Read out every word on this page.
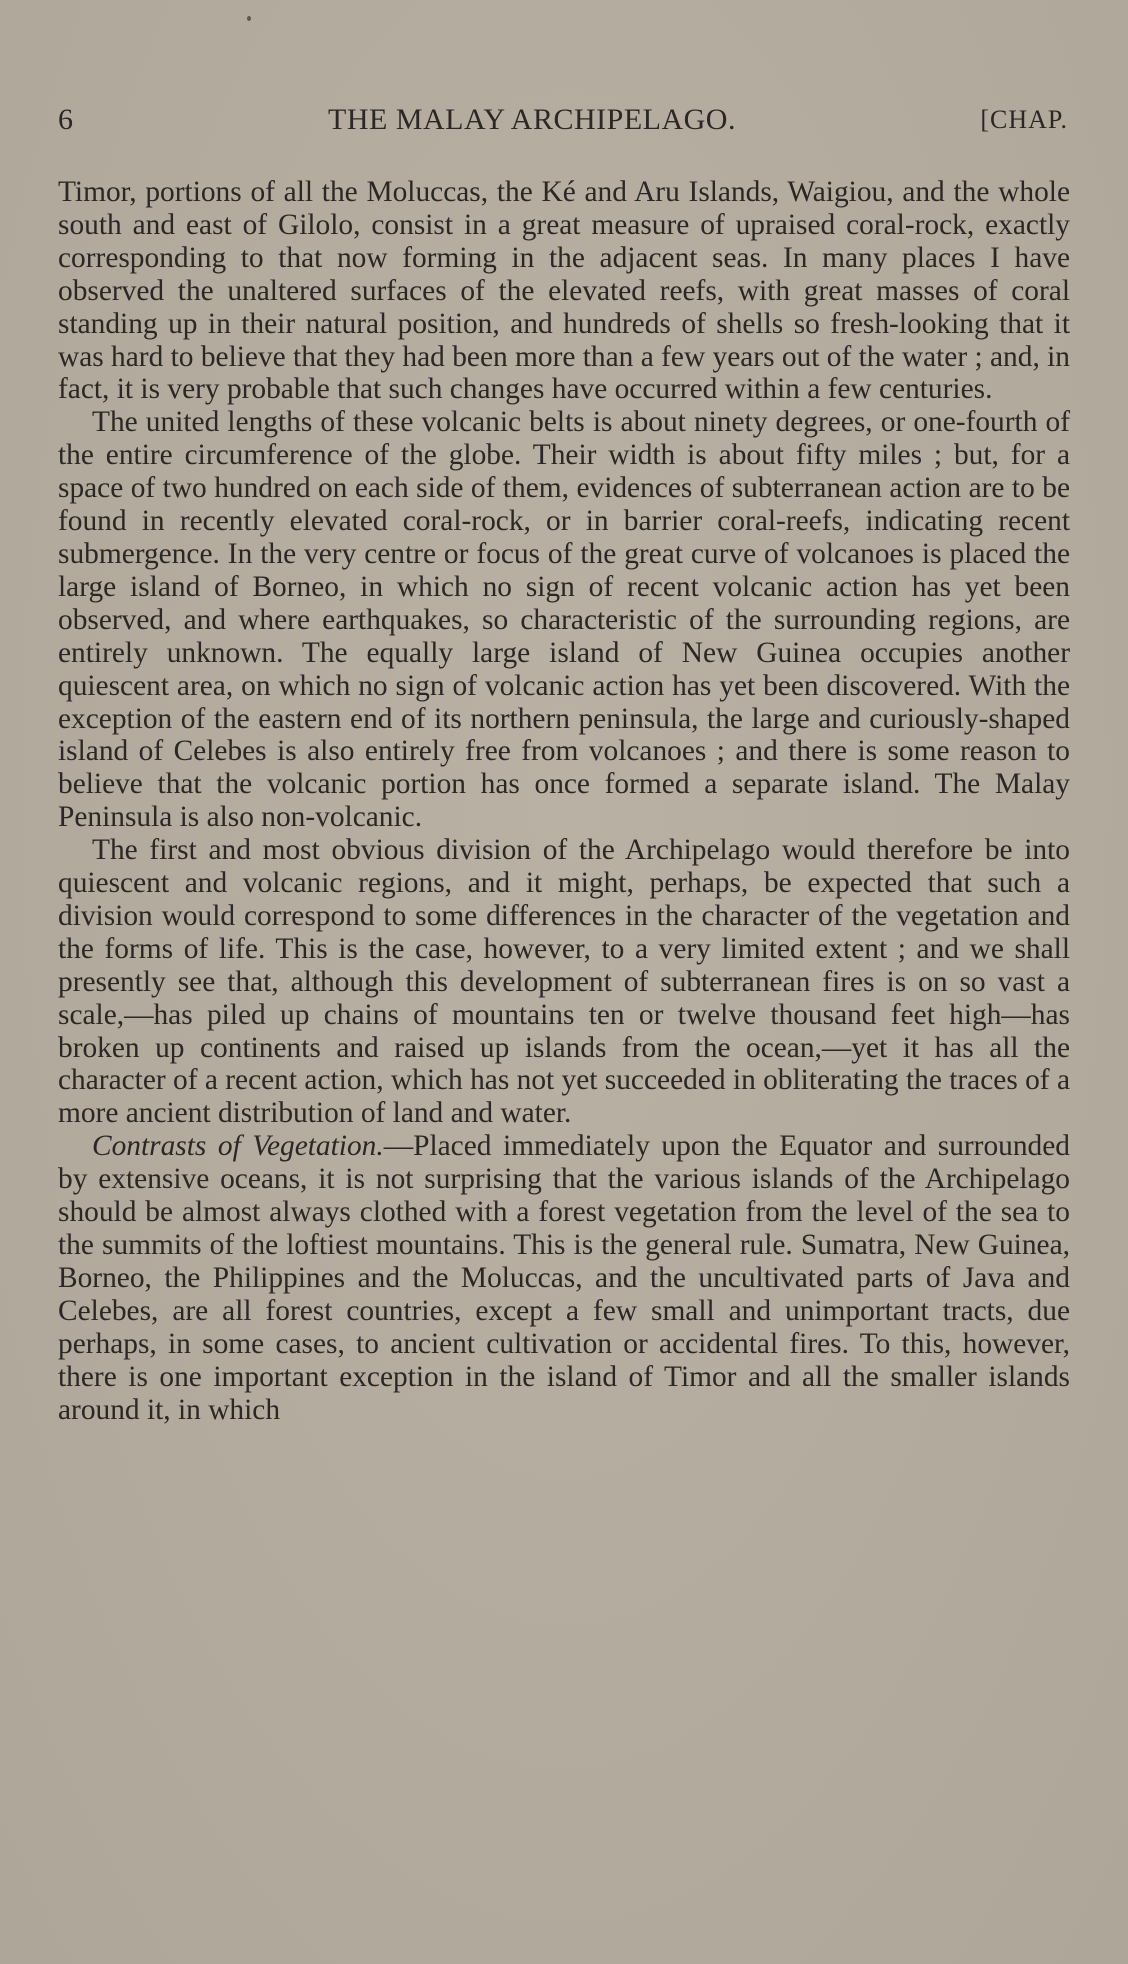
6	THE MALAY ARCHIPELAGO.	[CHAP.

Timor, portions of all the Moluccas, the Ké and Aru Islands, Waigiou, and the whole south and east of Gilolo, consist in a great measure of upraised coral-rock, exactly corresponding to that now forming in the adjacent seas. In many places I have observed the unaltered surfaces of the elevated reefs, with great masses of coral standing up in their natural position, and hundreds of shells so fresh-looking that it was hard to believe that they had been more than a few years out of the water ; and, in fact, it is very probable that such changes have occurred within a few centuries.

The united lengths of these volcanic belts is about ninety degrees, or one-fourth of the entire circumference of the globe. Their width is about fifty miles ; but, for a space of two hundred on each side of them, evidences of subterranean action are to be found in recently elevated coral-rock, or in barrier coral-reefs, indicating recent submergence. In the very centre or focus of the great curve of volcanoes is placed the large island of Borneo, in which no sign of recent volcanic action has yet been observed, and where earthquakes, so characteristic of the surrounding regions, are entirely unknown. The equally large island of New Guinea occupies another quiescent area, on which no sign of volcanic action has yet been discovered. With the exception of the eastern end of its northern peninsula, the large and curiously-shaped island of Celebes is also entirely free from volcanoes ; and there is some reason to believe that the volcanic portion has once formed a separate island. The Malay Peninsula is also non-volcanic.

The first and most obvious division of the Archipelago would therefore be into quiescent and volcanic regions, and it might, perhaps, be expected that such a division would correspond to some differences in the character of the vegetation and the forms of life. This is the case, however, to a very limited extent ; and we shall presently see that, although this development of subterranean fires is on so vast a scale,—has piled up chains of mountains ten or twelve thousand feet high—has broken up continents and raised up islands from the ocean,—yet it has all the character of a recent action, which has not yet succeeded in obliterating the traces of a more ancient distribution of land and water.

Contrasts of Vegetation.—Placed immediately upon the Equator and surrounded by extensive oceans, it is not surprising that the various islands of the Archipelago should be almost always clothed with a forest vegetation from the level of the sea to the summits of the loftiest mountains. This is the general rule. Sumatra, New Guinea, Borneo, the Philippines and the Moluccas, and the uncultivated parts of Java and Celebes, are all forest countries, except a few small and unimportant tracts, due perhaps, in some cases, to ancient cultivation or accidental fires. To this, however, there is one important exception in the island of Timor and all the smaller islands around it, in which
